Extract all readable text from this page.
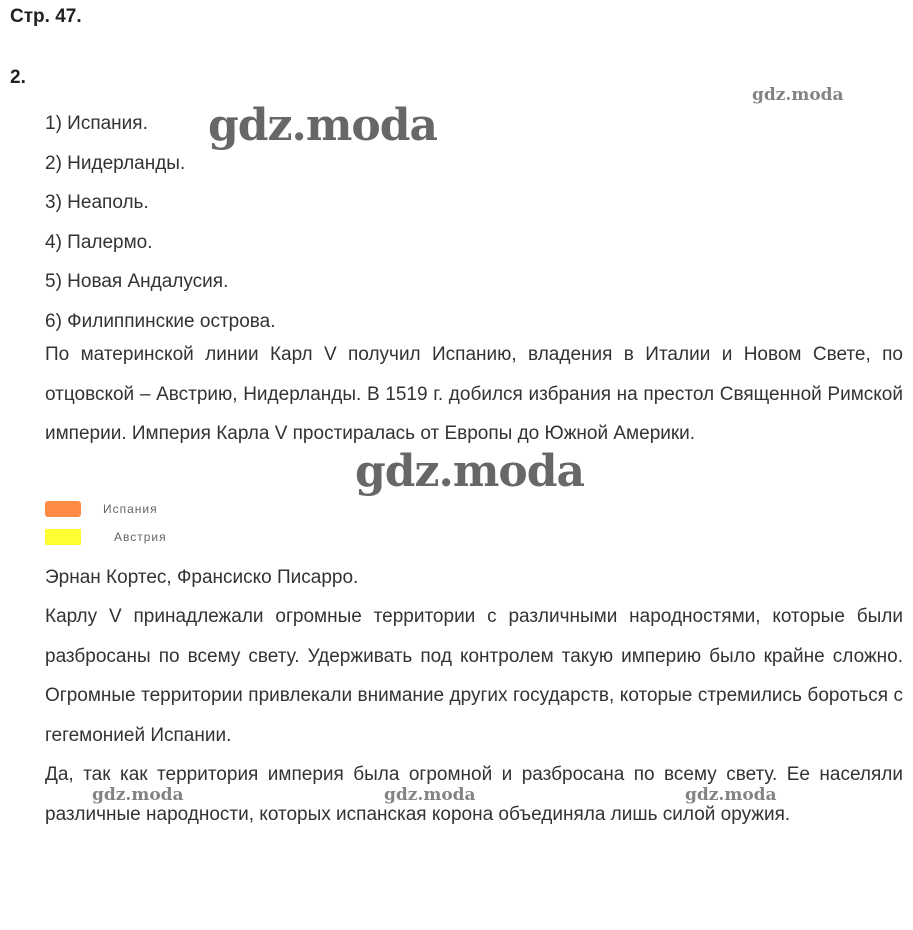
Стр. 47.
2.
1) Испания.
2) Нидерланды.
3) Неаполь.
4) Палермо.
5) Новая Андалусия.
6) Филиппинские острова.

По материнской линии Карл V получил Испанию, владения в Италии и Новом Свете, по отцовской – Австрию, Нидерланды. В 1519 г. добился избрания на престол Священной Римской империи. Империя Карла V простиралась от Европы до Южной Америки.

Испания
Австрия

Эрнан Кортес, Франсиско Писарро.

Карлу V принадлежали огромные территории с различными народностями, которые были разбросаны по всему свету. Удерживать под контролем такую империю было крайне сложно. Огромные территории привлекали внимание других государств, которые стремились бороться с гегемонией Испании.

Да, так как территория империя была огромной и разбросана по всему свету. Ее населяли различные народности, которых испанская корона объединяла лишь силой оружия.

gdz.moda
gdz.moda
gdz.moda
gdz.moda	gdz.moda	gdz.moda
